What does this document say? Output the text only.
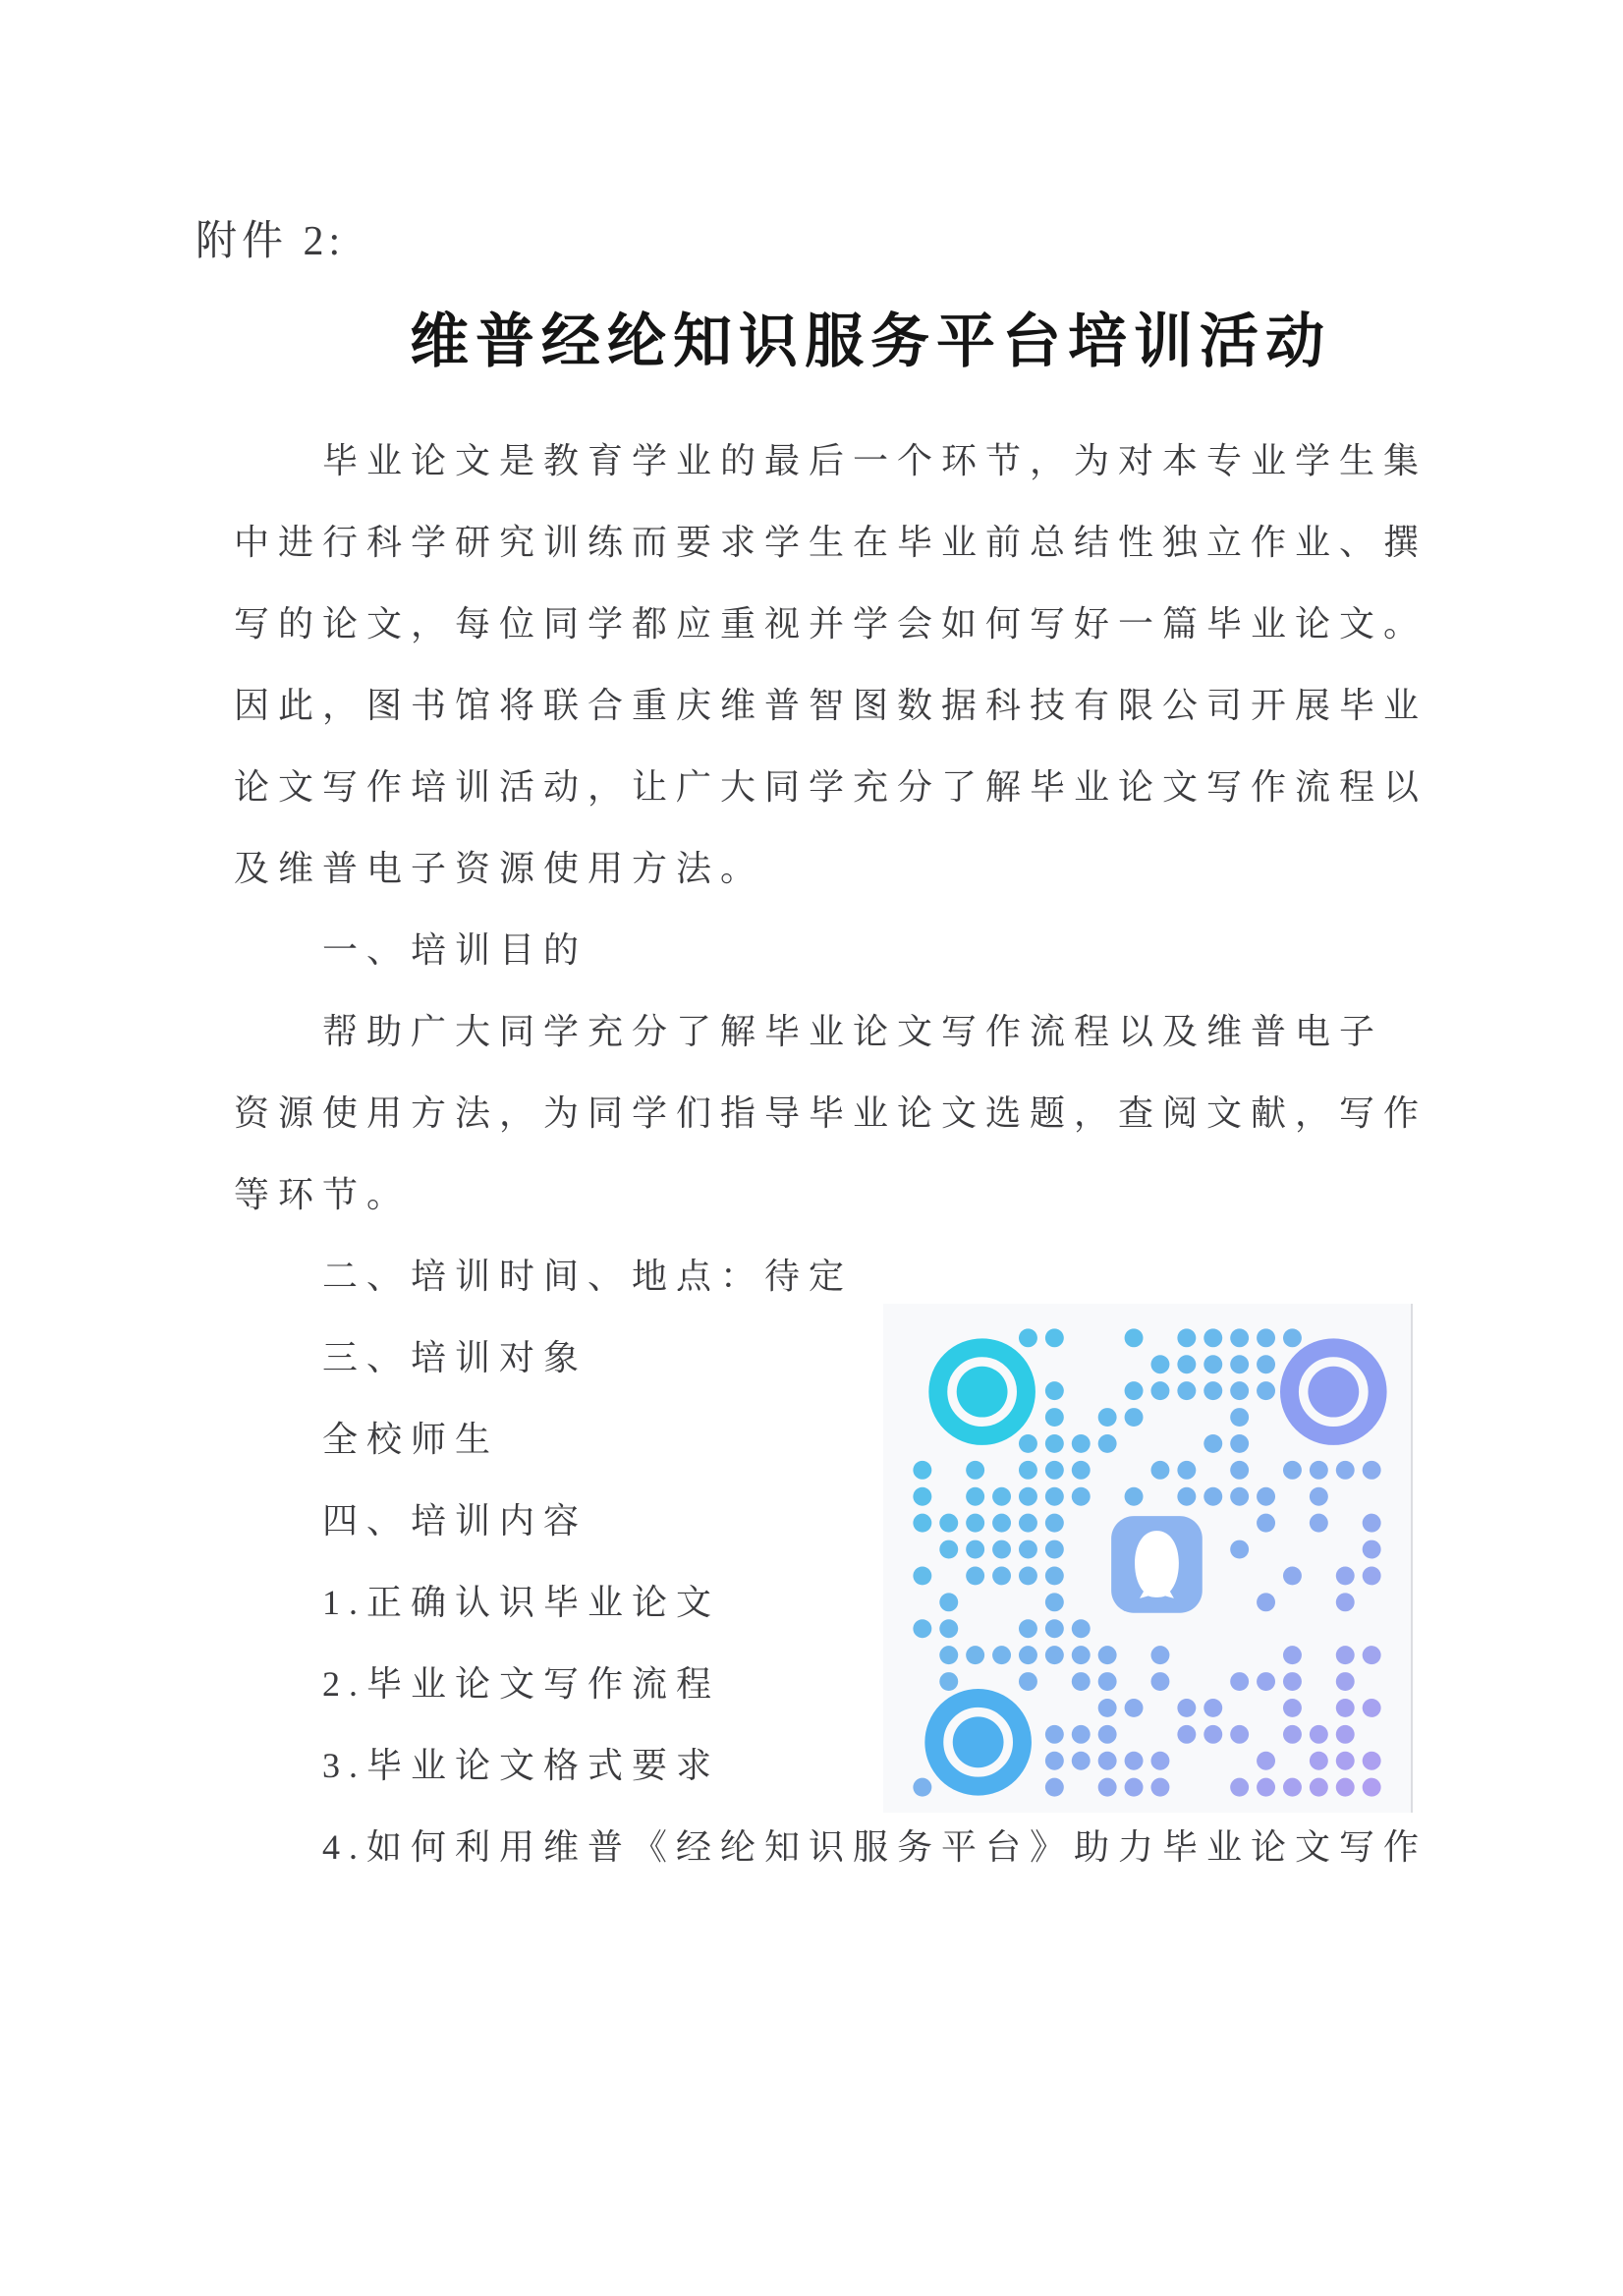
附件 2:
维普经纶知识服务平台培训活动
毕业论文是教育学业的最后一个环节，为对本专业学生集
中进行科学研究训练而要求学生在毕业前总结性独立作业、撰
写的论文，每位同学都应重视并学会如何写好一篇毕业论文。
因此，图书馆将联合重庆维普智图数据科技有限公司开展毕业
论文写作培训活动，让广大同学充分了解毕业论文写作流程以
及维普电子资源使用方法。
一、培训目的
帮助广大同学充分了解毕业论文写作流程以及维普电子
资源使用方法，为同学们指导毕业论文选题，查阅文献，写作
等环节。
二、培训时间、地点：待定
三、培训对象
全校师生
四、培训内容
1.正确认识毕业论文
2.毕业论文写作流程
3.毕业论文格式要求
4.如何利用维普《经纶知识服务平台》助力毕业论文写作
